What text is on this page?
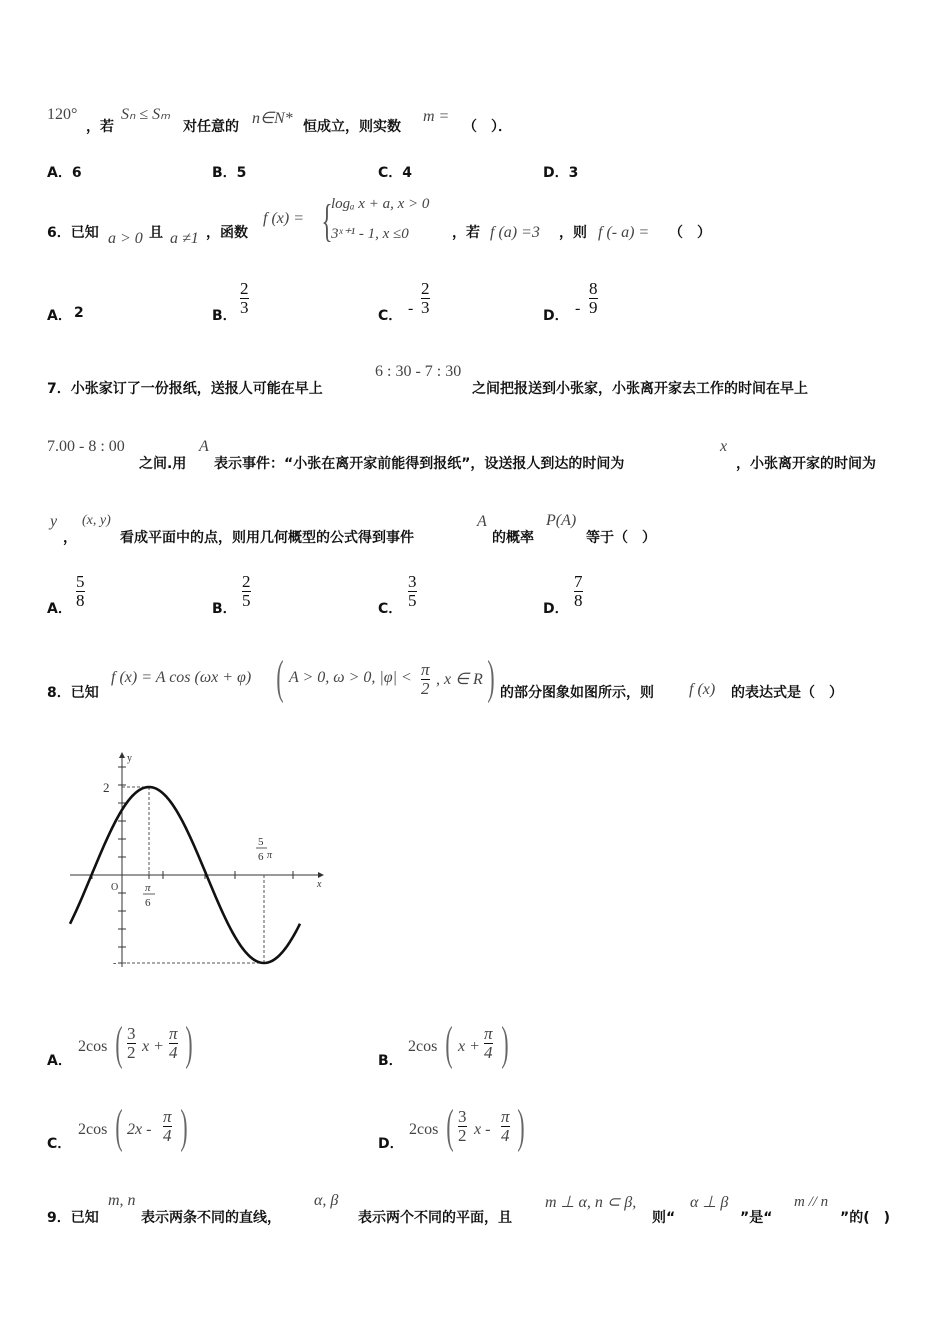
120°
，若
Sₙ ≤ Sₘ
对任意的 n∈N* 恒成立，则实数
m =
（　）．
A．6	B．5	C．4	D．3
6．已知 a > 0 且 a ≠1 ，函数
f (x) = {
logₐ x + a, x > 0
3ˣ⁺¹ - 1, x ≤0	，若 f (a) =3 ，则 f (- a) = （　）
A． 2	B．
2
3	C． -
2
3	D． -
8
9
7．小张家订了一份报纸，送报人可能在早上
6 : 30 - 7 : 30
之间把报送到小张家，小张离开家去工作的时间在早上
7.00 - 8 : 00
之间.用
A
表示事件：“小张在离开家前能得到报纸”，设送报人到达的时间为
x
，小张离开家的时间为
y
，
(x, y)
看成平面中的点，则用几何概型的公式得到事件
A
的概率
P(A)
等于（　）
A．
5
8	B．
2
5	C．
3
5	D．
7
8
8．已知
f (x) = A cos (ωx + φ) ( A > 0, ω > 0, |φ| < π
2 , x ∈ R ) 的部分图象如图所示，则 f (x) 的表达式是（　）
y
x
O
2
-
π
6
5
6 π
A．
2cos ( 3
2 x +
π
4 )	B．
2cos ( x +
π
4 )
C．
2cos ( 2x -
π
4 )	D．
2cos ( 3
2 x -
π
4 )
9．已知
m, n
表示两条不同的直线，
α, β
表示两个不同的平面，且
m ⊥ α, n ⊂ β,
则“
α ⊥ β
”是“
m // n
”的(　)
